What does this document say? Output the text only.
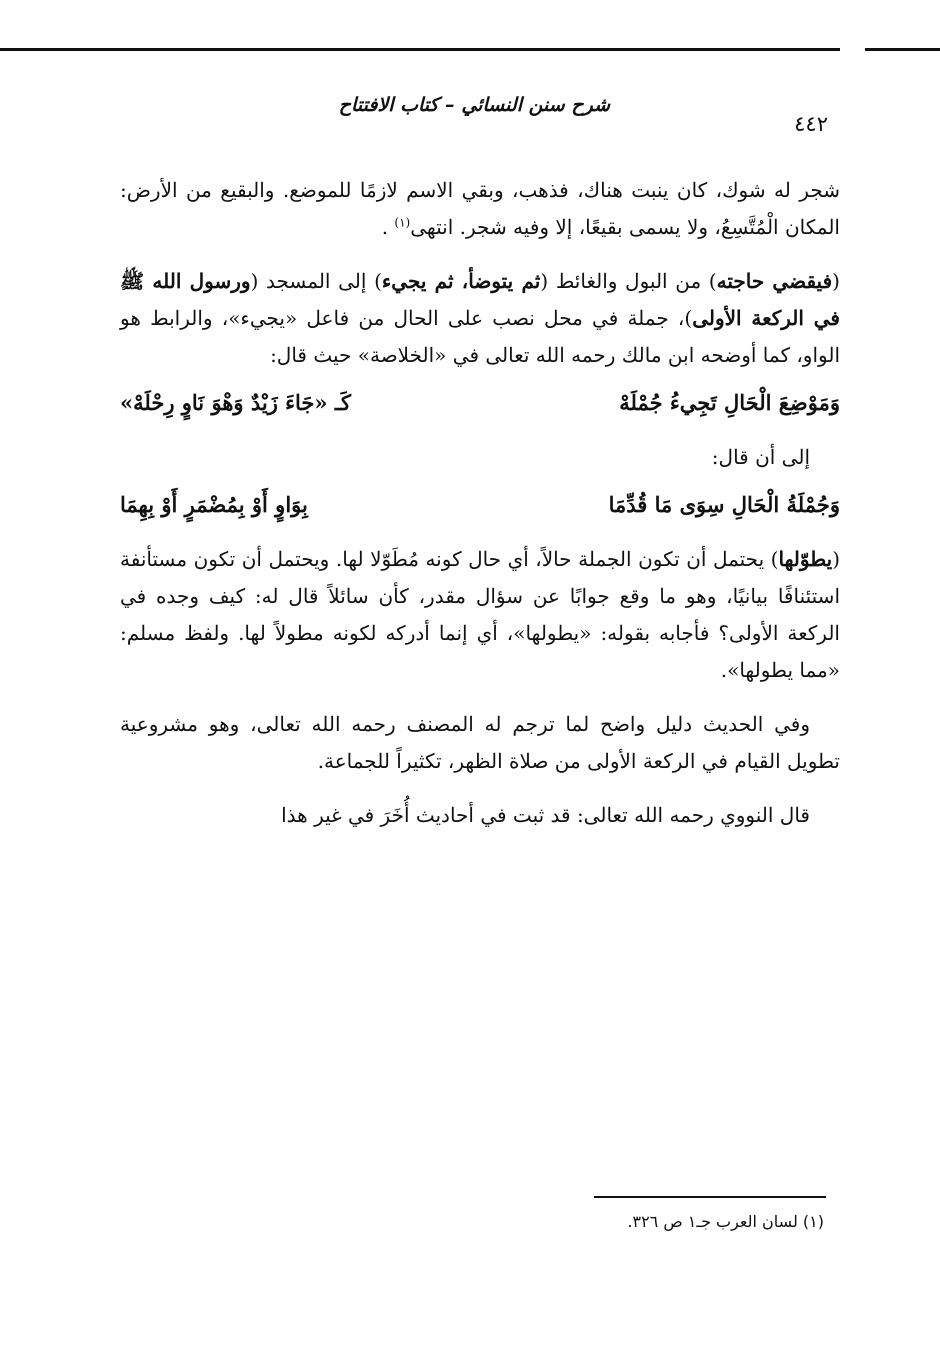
شرح سنن النسائي – كتاب الافتتاح
٤٤٢

شجر له شوك، كان ينبت هناك، فذهب، وبقي الاسم لازمًا للموضع. والبقيع من الأرض: المكان الْمُتَّسِعُ، ولا يسمى بقيعًا، إلا وفيه شجر. انتهى$^{(١)}$ .

(فيقضي حاجته) من البول والغائط (ثم يتوضأ، ثم يجيء) إلى المسجد (ورسول الله ﷺ في الركعة الأولى)، جملة في محل نصب على الحال من فاعل «يجيء»، والرابط هو الواو، كما أوضحه ابن مالك رحمه الله تعالى في «الخلاصة» حيث قال:

وَمَوْضِعَ الْحَالِ تَجِيءُ جُمْلَهْ
كَـ «جَاءَ زَيْدٌ وَهْوَ نَاوٍ رِحْلَهْ»

إلى أن قال:

وَجُمْلَةُ الْحَالِ سِوَى مَا قُدِّمَا
بِوَاوٍ أَوْ بِمُضْمَرٍ أَوْ بِهِمَا

(يطوّلها) يحتمل أن تكون الجملة حالاً، أي حال كونه مُطَوّلا لها. ويحتمل أن تكون مستأنفة استئنافًا بيانيًا، وهو ما وقع جوابًا عن سؤال مقدر، كأن سائلاً قال له: كيف وجده في الركعة الأولى؟ فأجابه بقوله: «يطولها»، أي إنما أدركه لكونه مطولاً لها. ولفظ مسلم: «مما يطولها».

وفي الحديث دليل واضح لما ترجم له المصنف رحمه الله تعالى، وهو مشروعية تطويل القيام في الركعة الأولى من صلاة الظهر، تكثيراً للجماعة.

قال النووي رحمه الله تعالى: قد ثبت في أحاديث أُخَرَ في غير هذا

(١) لسان العرب جـ١ ص ٣٢٦.
